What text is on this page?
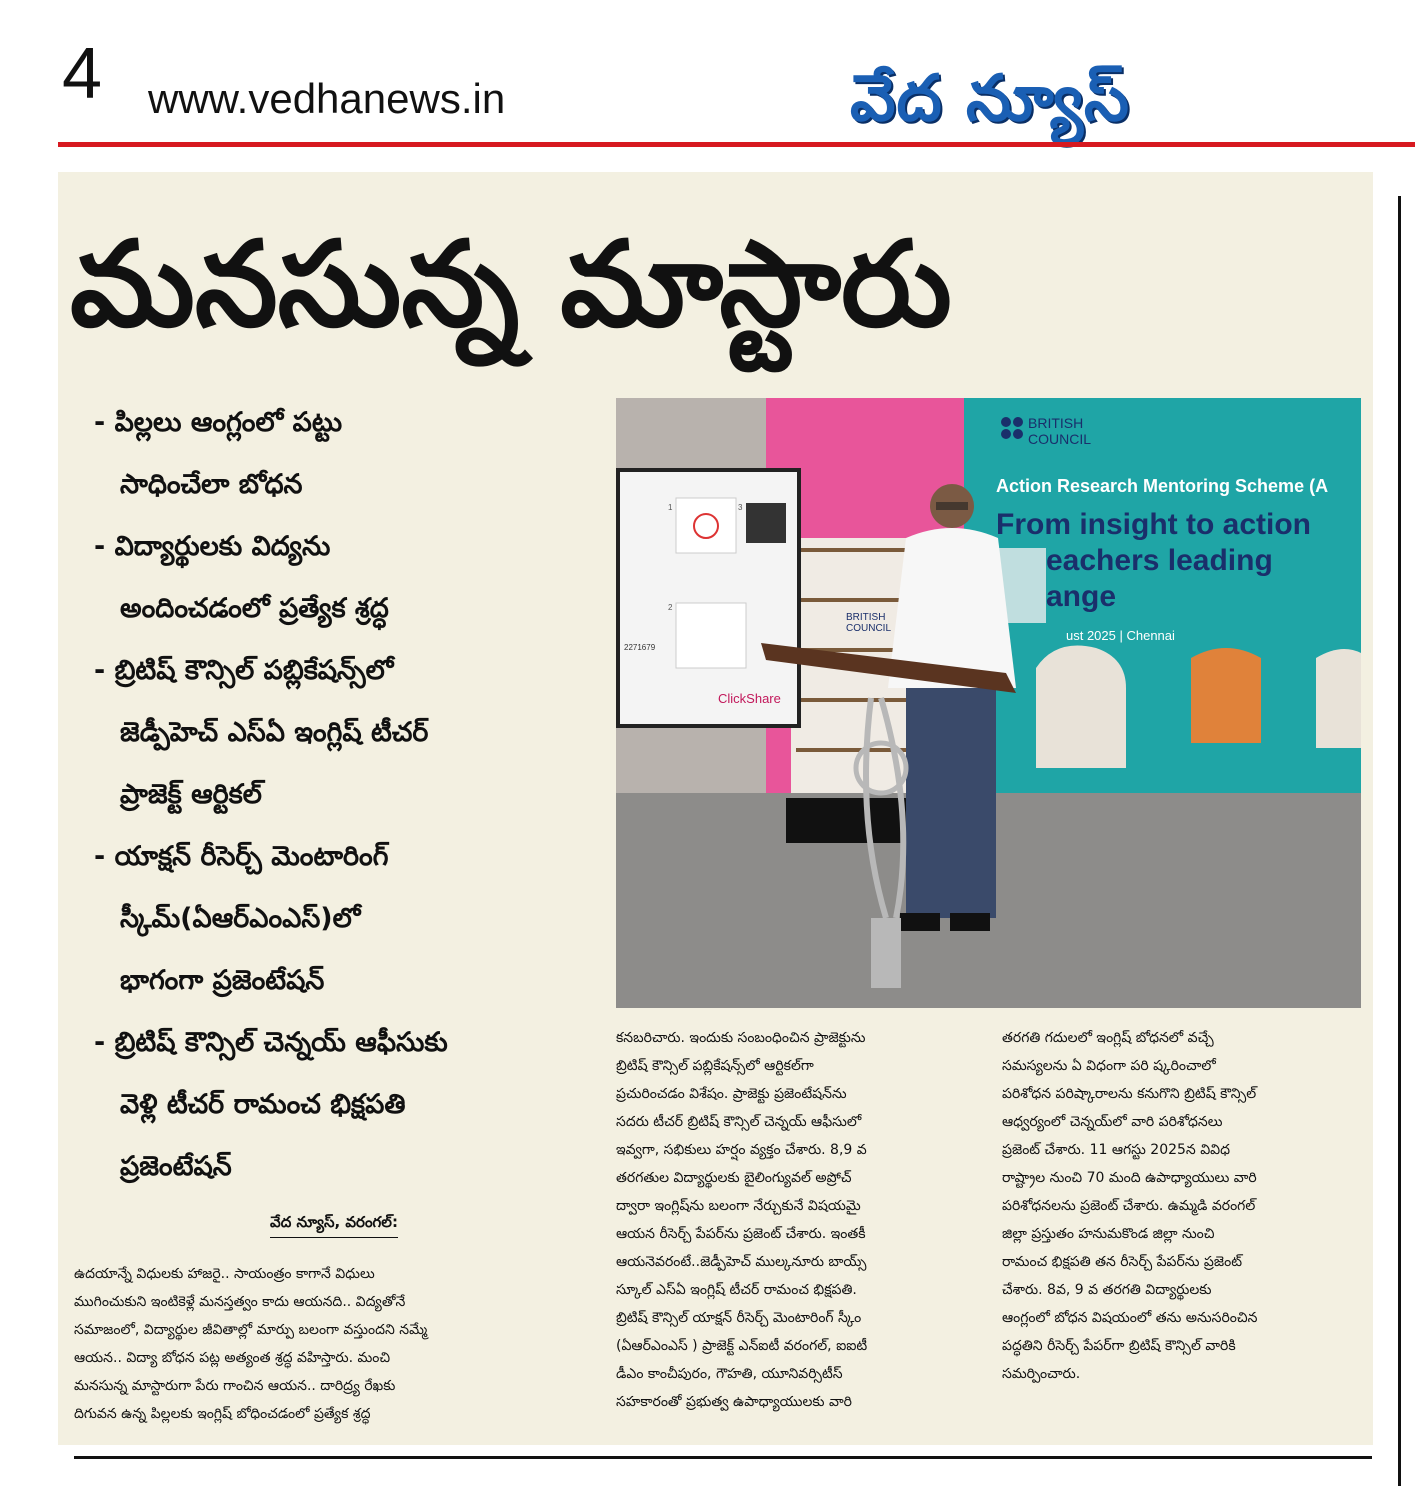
4 www.vedhanews.in	వేద న్యూస్
మనసున్న మాస్టారు
- పిల్లలు ఆంగ్లంలో పట్టు
సాధించేలా బోధన
- విద్యార్థులకు విద్యను
అందించడంలో ప్రత్యేక శ్రద్ధ
- బ్రిటిష్ కౌన్సిల్ పబ్లికేషన్స్‌లో
జెడ్పీహెచ్ ఎస్ఏ ఇంగ్లిష్ టీచర్
ప్రాజెక్ట్ ఆర్టికల్
- యాక్షన్ రీసెర్చ్ మెంటారింగ్
స్కీమ్(ఏఆర్ఎంఎస్)లో
భాగంగా ప్రజెంటేషన్
- బ్రిటిష్ కౌన్సిల్ చెన్నయ్ ఆఫీసుకు
వెళ్లి టీచర్ రామంచ భిక్షపతి
ప్రజెంటేషన్
వేద న్యూస్, వరంగల్:
2271679
1
2
3
ClickShare
BRITISH
COUNCIL
Action Research Mentoring Scheme (A
From insight to action
eachers leading
ange
ust 2025 | Chennai
BRITISH
COUNCIL
ఉదయాన్నే విధులకు హాజరై.. సాయంత్రం కాగానే విధులు
ముగించుకుని ఇంటికెళ్లే మనస్తత్వం కాదు ఆయనది.. విద్యతోనే
సమాజంలో, విద్యార్థుల జీవితాల్లో మార్పు బలంగా వస్తుందని నమ్మే
ఆయన.. విద్యా బోధన పట్ల అత్యంత శ్రద్ధ వహిస్తారు. మంచి
మనసున్న మాస్టారుగా పేరు గాంచిన ఆయన.. దారిద్ర్య రేఖకు
దిగువన ఉన్న పిల్లలకు ఇంగ్లిష్ బోధించడంలో ప్రత్యేక శ్రద్ధ
కనబరిచారు. ఇందుకు సంబంధించిన ప్రాజెక్టును
బ్రిటిష్ కౌన్సిల్ పబ్లికేషన్స్‌లో ఆర్టికల్‌గా
ప్రచురించడం విశేషం. ప్రాజెక్టు ప్రజెంటేషన్‌ను
సదరు టీచర్ బ్రిటిష్ కౌన్సిల్ చెన్నయ్ ఆఫీసులో
ఇవ్వగా, సభికులు హర్షం వ్యక్తం చేశారు. 8,9 వ
తరగతుల విద్యార్థులకు బైలింగ్యువల్ అప్రోచ్
ద్వారా ఇంగ్లిష్‌ను బలంగా నేర్చుకునే విషయమై
ఆయన రీసెర్చ్ పేపర్‌ను ప్రజెంట్ చేశారు. ఇంతకీ
ఆయనెవరంటే..జెడ్పీహెచ్ ముల్కనూరు బాయ్స్
స్కూల్ ఎస్ఏ ఇంగ్లిష్ టీచర్ రామంచ భిక్షపతి.
బ్రిటిష్ కౌన్సిల్ యాక్షన్ రీసెర్చ్ మెంటారింగ్ స్కీం
(ఏఆర్ఎంఎస్ ) ప్రాజెక్ట్ ఎన్ఐటీ వరంగల్, ఐఐటీ
డీఎం కాంచీపురం, గౌహతి, యూనివర్సిటీస్
సహకారంతో ప్రభుత్వ ఉపాధ్యాయులకు వారి
తరగతి గదులలో ఇంగ్లిష్ బోధనలో వచ్చే
సమస్యలను ఏ విధంగా పరి ష్కరించాలో
పరిశోధన పరిష్కారాలను కనుగొని బ్రిటిష్ కౌన్సిల్
ఆధ్వర్యంలో చెన్నయ్‌లో వారి పరిశోధనలు
ప్రజెంట్ చేశారు. 11 ఆగస్టు 2025న వివిధ
రాష్ట్రాల నుంచి 70 మంది ఉపాధ్యాయులు వారి
పరిశోధనలను ప్రజెంట్ చేశారు. ఉమ్మడి వరంగల్
జిల్లా ప్రస్తుతం హనుమకొండ జిల్లా నుంచి
రామంచ భిక్షపతి తన రీసెర్చ్ పేపర్‌ను ప్రజెంట్
చేశారు. 8వ, 9 వ తరగతి విద్యార్థులకు
ఆంగ్లంలో బోధన విషయంలో తను అనుసరించిన
పద్ధతిని రీసెర్చ్ పేపర్‌గా బ్రిటిష్ కౌన్సిల్ వారికి
సమర్పించారు.
